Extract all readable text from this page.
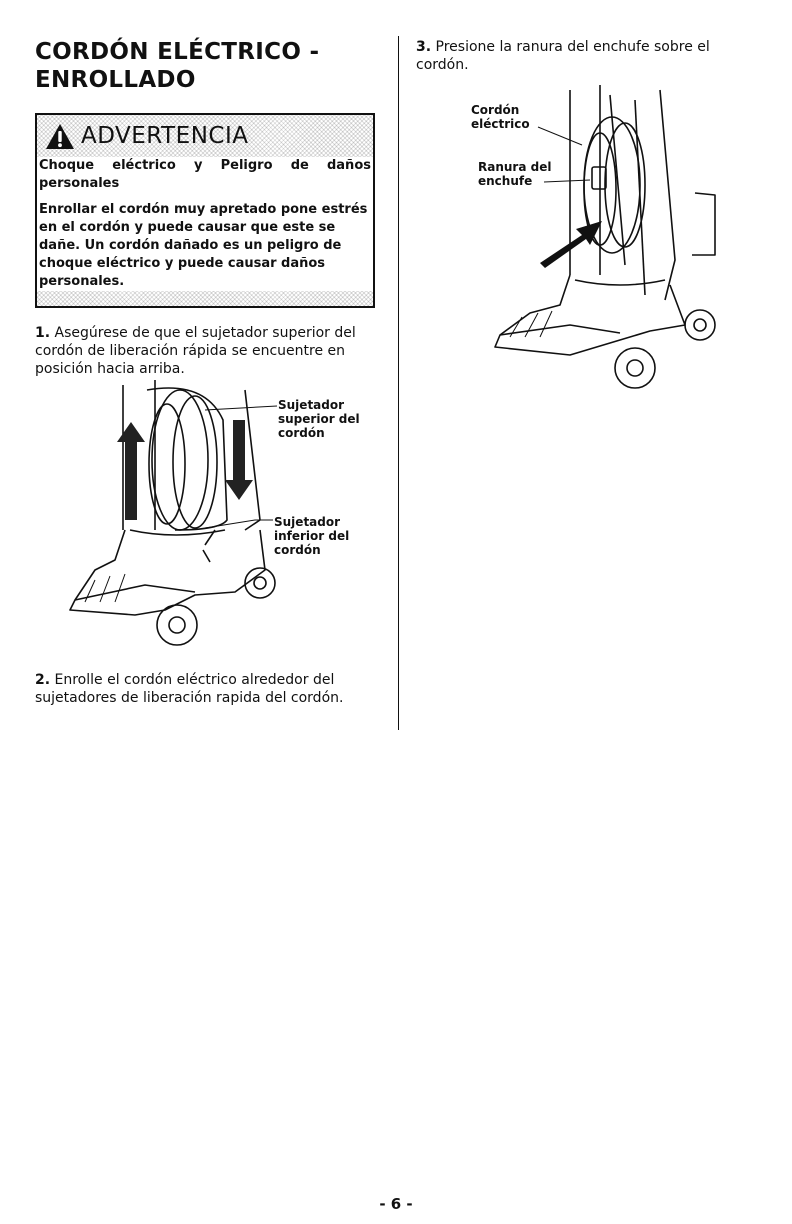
CORDÓN ELÉCTRICO - ENROLLADO
ADVERTENCIA
Choque eléctrico y Peligro de daños personales
Enrollar el cordón muy apretado pone estrés en el cordón y puede causar que este se dañe. Un cordón dañado es un peligro de choque eléctrico y puede causar daños personales.

1. Asegúrese de que el sujetador superior del cordón de liberación rápida se encuentre en posición hacia arriba.

Sujetador superior del cordón

Sujetador inferior del cordón

2. Enrolle el cordón eléctrico alrededor del sujetadores de liberación rapida del cordón.

3. Presione la ranura del enchufe sobre el cordón.

Cordón eléctrico

Ranura del enchufe

- 6 -
